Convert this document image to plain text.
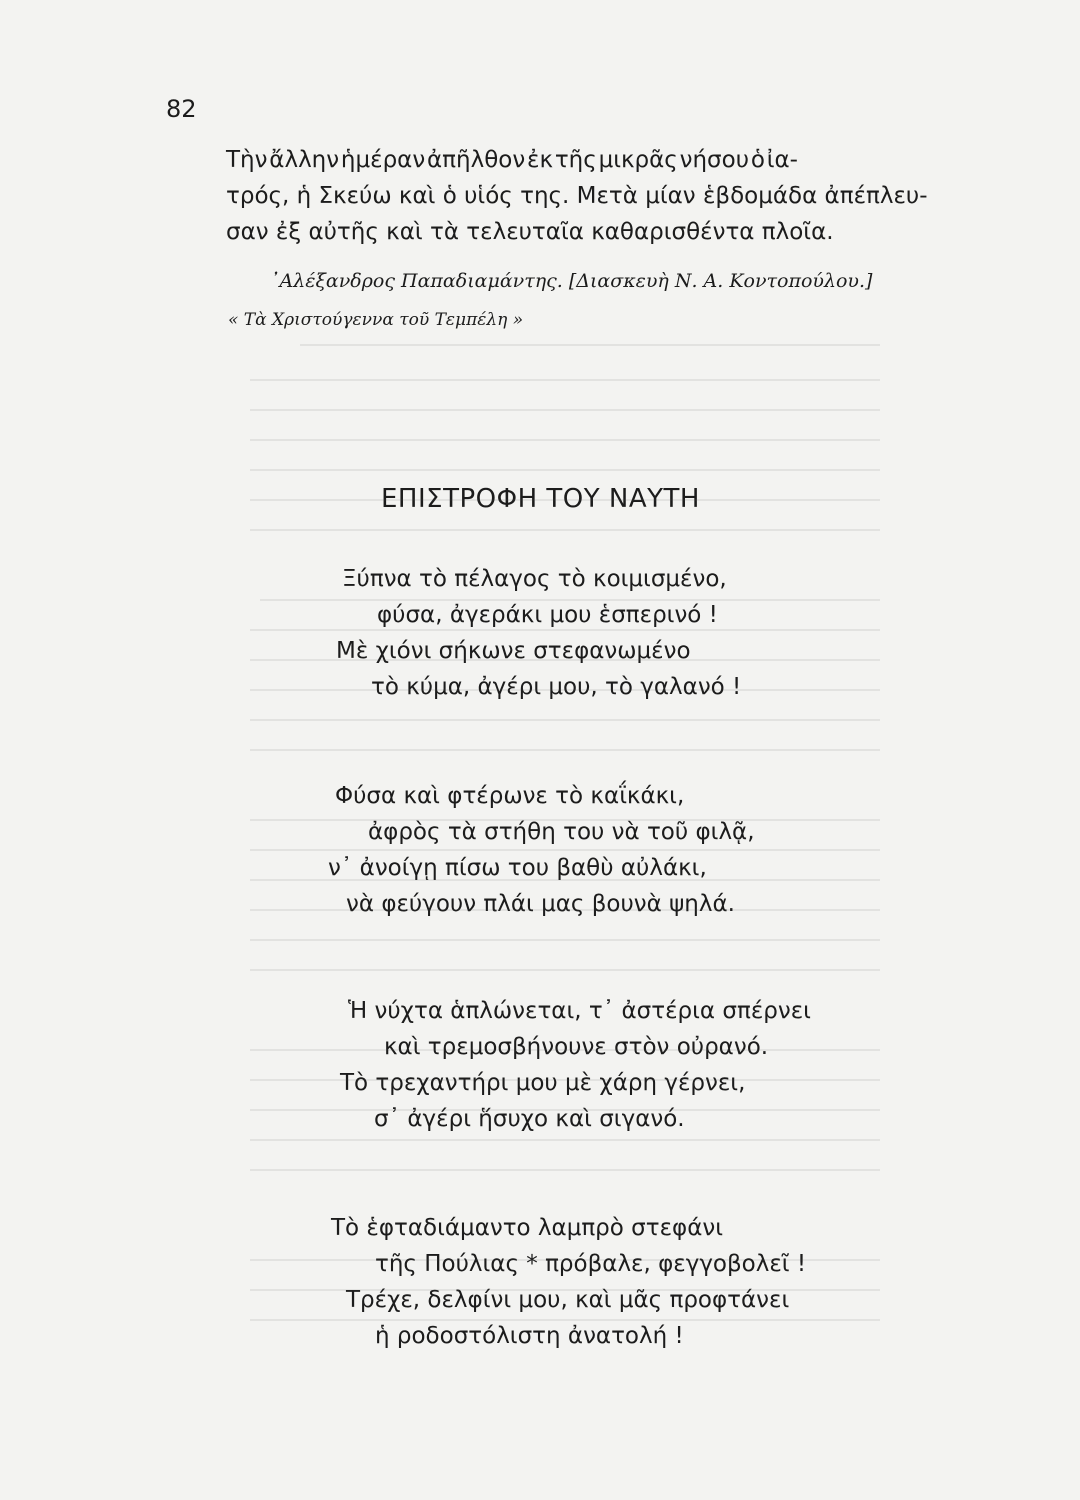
82
Τὴν ἄλλην ἡμέραν ἀπῆλθον ἐκ τῆς μικρᾶς νήσου ὁ ἰα-
τρός, ἡ Σκεύω καὶ ὁ υἱός της. Μετὰ μίαν ἑβδομάδα ἀπέπλευ-
σαν ἐξ αὐτῆς καὶ τὰ τελευταῖα καθαρισθέντα πλοῖα.
᾽Αλέξανδρος Παπαδιαμάντης. [Διασκευὴ Ν. Α. Κοντοπούλου.]
« Τὰ Χριστούγεννα τοῦ Τεμπέλη »
ΕΠΙΣΤΡΟΦΗ ΤΟΥ ΝΑΥΤΗ
Ξύπνα τὸ πέλαγος τὸ κοιμισμένο,
φύσα, ἀγεράκι μου ἑσπερινό !
Μὲ χιόνι σήκωνε στεφανωμένο
τὸ κύμα, ἀγέρι μου, τὸ γαλανό !
Φύσα καὶ φτέρωνε τὸ καΐκάκι,
ἀφρὸς τὰ στήθη του νὰ τοῦ φιλᾷ,
ν᾽ ἀνοίγῃ πίσω του βαθὺ αὐλάκι,
νὰ φεύγουν πλάι μας βουνὰ ψηλά.
Ἡ νύχτα ἁπλώνεται, τ᾽ ἀστέρια σπέρνει
καὶ τρεμοσβήνουνε στὸν οὐρανό.
Τὸ τρεχαντήρι μου μὲ χάρη γέρνει,
σ᾽ ἀγέρι ἥσυχο καὶ σιγανό.
Τὸ ἑφταδιάμαντο λαμπρὸ στεφάνι
τῆς Πούλιας * πρόβαλε, φεγγοβολεῖ !
Τρέχε, δελφίνι μου, καὶ μᾶς προφτάνει
ἡ ροδοστόλιστη ἀνατολή !
